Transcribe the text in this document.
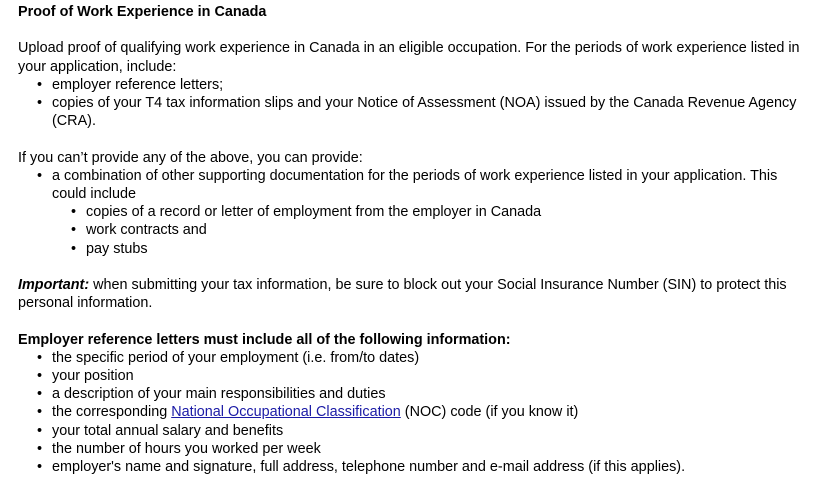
Proof of Work Experience in Canada

Upload proof of qualifying work experience in Canada in an eligible occupation. For the periods of work experience listed in your application, include:

• employer reference letters;
• copies of your T4 tax information slips and your Notice of Assessment (NOA) issued by the Canada Revenue Agency (CRA).

If you can’t provide any of the above, you can provide:

• a combination of other supporting documentation for the periods of work experience listed in your application. This could include
• copies of a record or letter of employment from the employer in Canada
• work contracts and
• pay stubs

Important: when submitting your tax information, be sure to block out your Social Insurance Number (SIN) to protect this personal information.

Employer reference letters must include all of the following information:

• the specific period of your employment (i.e. from/to dates)
• your position
• a description of your main responsibilities and duties
• the corresponding National Occupational Classification (NOC) code (if you know it)
• your total annual salary and benefits
• the number of hours you worked per week
• employer's name and signature, full address, telephone number and e-mail address (if this applies).
